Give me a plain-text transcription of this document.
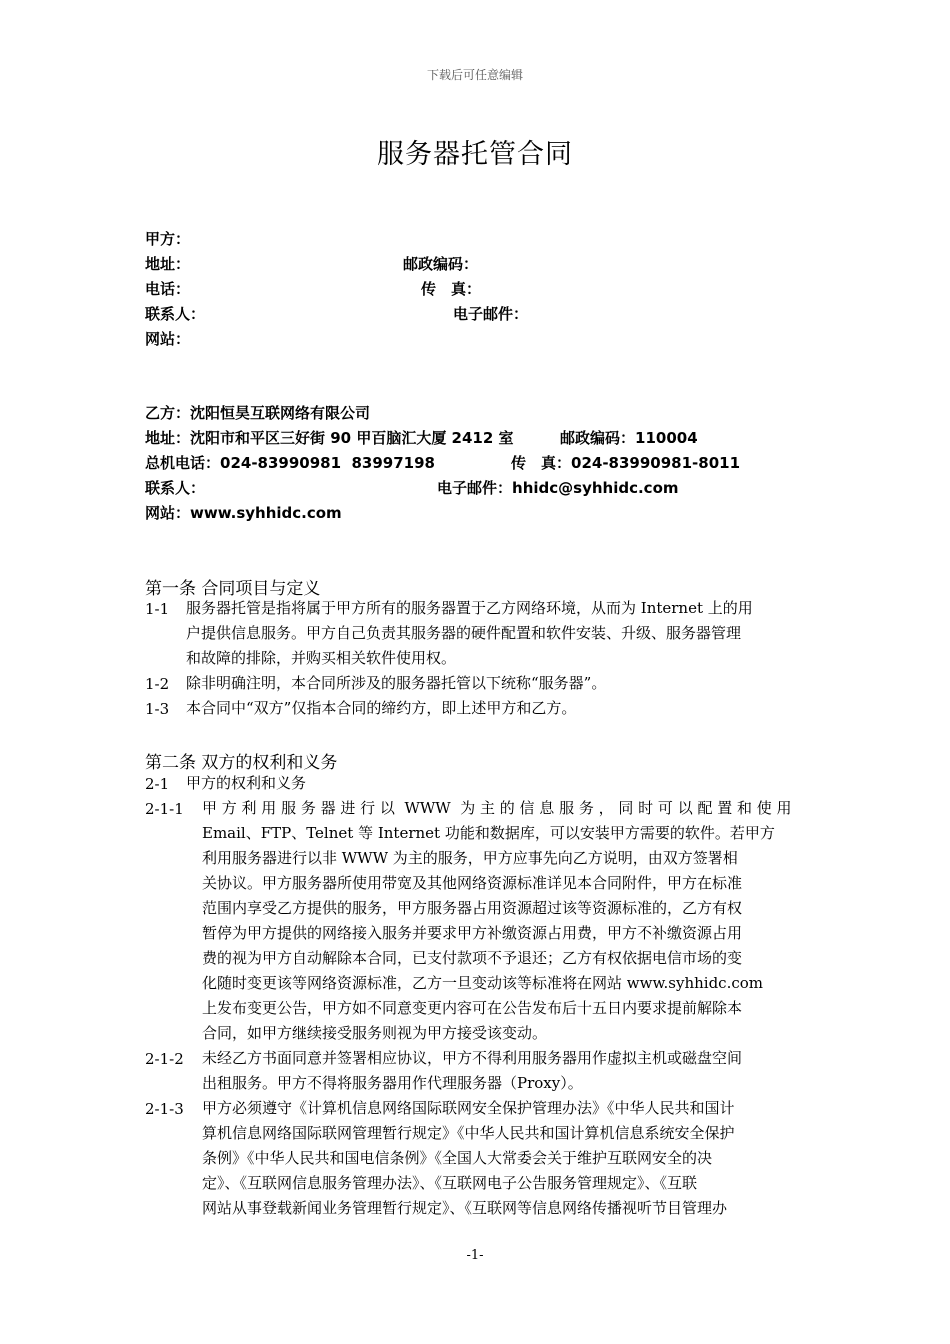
下载后可任意编辑
服务器托管合同
甲方：
地址：	邮政编码：
电话：	传　真：
联系人：	电子邮件：
网站：
乙方：沈阳恒昊互联网络有限公司
地址：沈阳市和平区三好街 90 甲百脑汇大厦 2412 室	邮政编码：110004
总机电话：024-83990981  83997198	传　真：024-83990981-8011
联系人：	电子邮件：hhidc@syhhidc.com
网站：www.syhhidc.com
第一条 合同项目与定义
1-1 服务器托管是指将属于甲方所有的服务器置于乙方网络环境，从而为 Internet 上的用
户提供信息服务。甲方自己负责其服务器的硬件配置和软件安装、升级、服务器管理
和故障的排除，并购买相关软件使用权。
1-2 除非明确注明，本合同所涉及的服务器托管以下统称“服务器”。
1-3 本合同中“双方”仅指本合同的缔约方，即上述甲方和乙方。
第二条 双方的权利和义务
2-1 甲方的权利和义务
2-1-1 甲 方 利 用 服 务 器 进 行 以  WWW  为 主 的 信 息 服 务 ， 同 时 可 以 配 置 和 使 用
Email、FTP、Telnet 等 Internet 功能和数据库，可以安装甲方需要的软件。若甲方
利用服务器进行以非 WWW 为主的服务，甲方应事先向乙方说明，由双方签署相
关协议。甲方服务器所使用带宽及其他网络资源标准详见本合同附件，甲方在标准
范围内享受乙方提供的服务，甲方服务器占用资源超过该等资源标准的，乙方有权
暂停为甲方提供的网络接入服务并要求甲方补缴资源占用费，甲方不补缴资源占用
费的视为甲方自动解除本合同，已支付款项不予退还；乙方有权依据电信市场的变
化随时变更该等网络资源标准，乙方一旦变动该等标准将在网站 www.syhhidc.com
上发布变更公告，甲方如不同意变更内容可在公告发布后十五日内要求提前解除本
合同，如甲方继续接受服务则视为甲方接受该变动。
2-1-2 未经乙方书面同意并签署相应协议，甲方不得利用服务器用作虚拟主机或磁盘空间
出租服务。甲方不得将服务器用作代理服务器（Proxy）。
2-1-3 甲方必须遵守《计算机信息网络国际联网安全保护管理办法》《中华人民共和国计
算机信息网络国际联网管理暂行规定》《中华人民共和国计算机信息系统安全保护
条例》《中华人民共和国电信条例》《全国人大常委会关于维护互联网安全的决
定》、《互联网信息服务管理办法》、《互联网电子公告服务管理规定》、《互联
网站从事登载新闻业务管理暂行规定》、《互联网等信息网络传播视听节目管理办
-1-
